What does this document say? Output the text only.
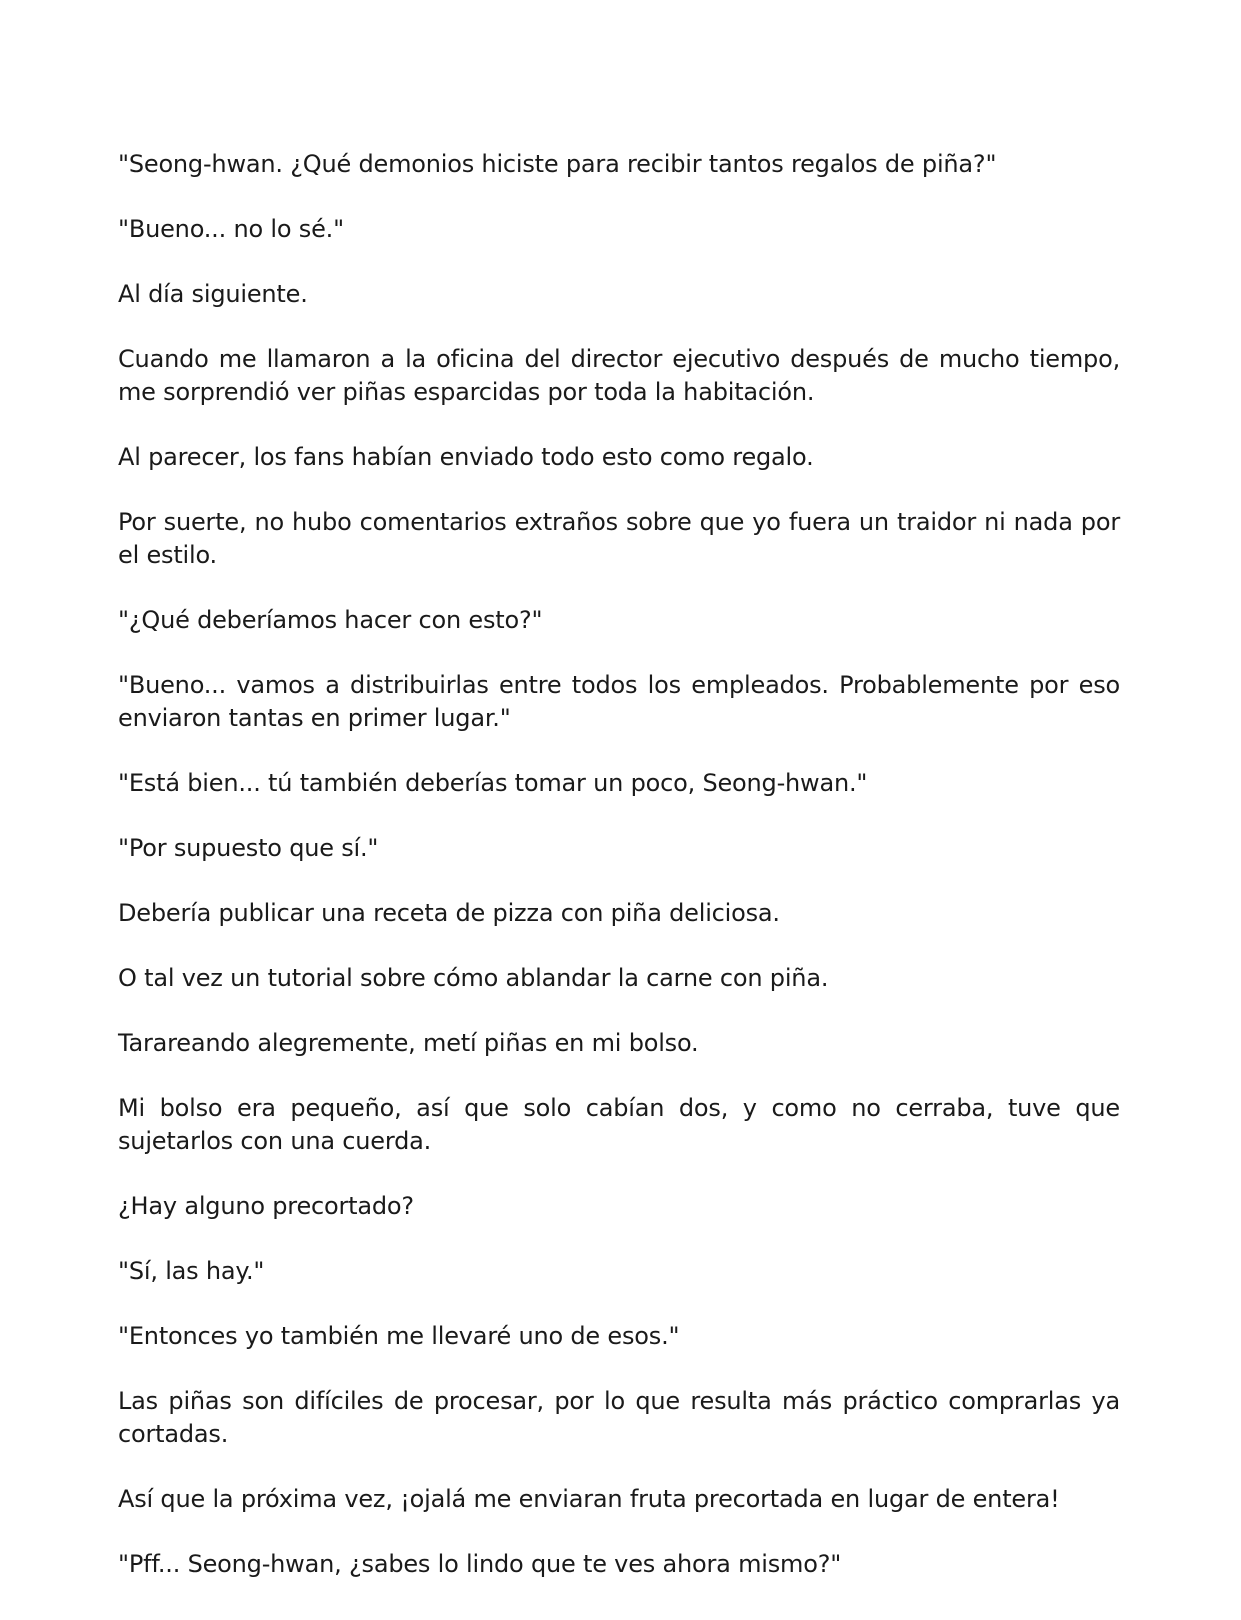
"Seong-hwan. ¿Qué demonios hiciste para recibir tantos regalos de piña?"

"Bueno... no lo sé."

Al día siguiente.

Cuando me llamaron a la oficina del director ejecutivo después de mucho tiempo, me sorprendió ver piñas esparcidas por toda la habitación.

Al parecer, los fans habían enviado todo esto como regalo.

Por suerte, no hubo comentarios extraños sobre que yo fuera un traidor ni nada por el estilo.

"¿Qué deberíamos hacer con esto?"

"Bueno... vamos a distribuirlas entre todos los empleados. Probablemente por eso enviaron tantas en primer lugar."

"Está bien... tú también deberías tomar un poco, Seong-hwan."

"Por supuesto que sí."

Debería publicar una receta de pizza con piña deliciosa.

O tal vez un tutorial sobre cómo ablandar la carne con piña.

Tarareando alegremente, metí piñas en mi bolso.

Mi bolso era pequeño, así que solo cabían dos, y como no cerraba, tuve que sujetarlos con una cuerda.

¿Hay alguno precortado?

"Sí, las hay."

"Entonces yo también me llevaré uno de esos."

Las piñas son difíciles de procesar, por lo que resulta más práctico comprarlas ya cortadas.

Así que la próxima vez, ¡ojalá me enviaran fruta precortada en lugar de entera!

"Pff... Seong-hwan, ¿sabes lo lindo que te ves ahora mismo?"
